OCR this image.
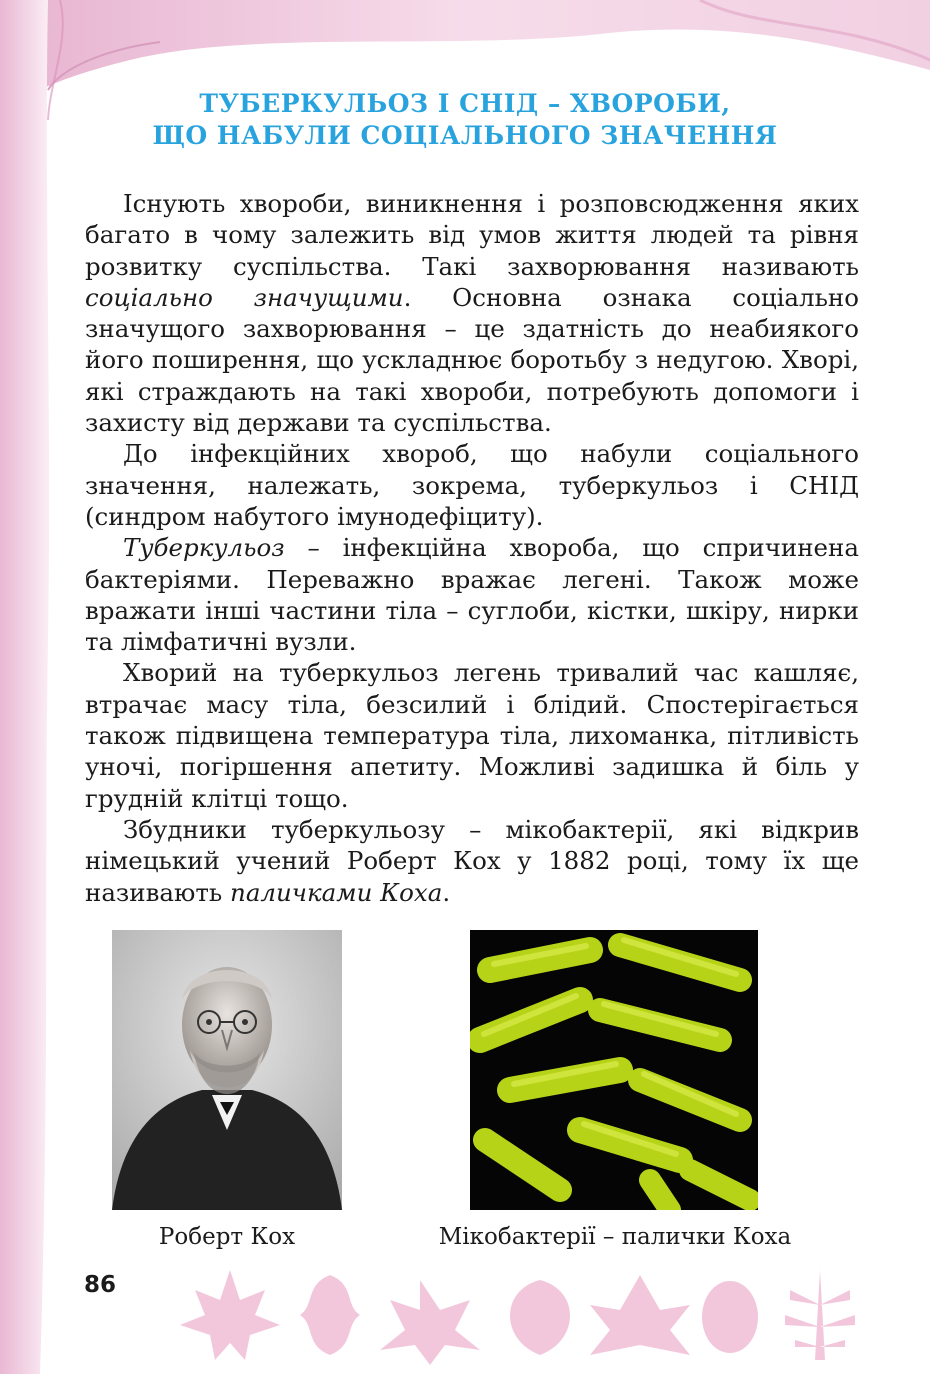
ТУБЕРКУЛЬОЗ І СНІД – ХВОРОБИ,
ЩО НАБУЛИ СОЦІАЛЬНОГО ЗНАЧЕННЯ

Існують хвороби, виникнення і розповсюдження яких багато в чому залежить від умов життя людей та рівня розвитку суспільства. Такі захворювання називають соціально значущими. Основна ознака соціально значущого захворювання – це здатність до неабиякого його поширення, що ускладнює боротьбу з недугою. Хворі, які страждають на такі хвороби, потребують допомоги і захисту від держави та суспільства.

До інфекційних хвороб, що набули соціального значення, належать, зокрема, туберкульоз і СНІД (синдром набутого імунодефіциту).

Туберкульоз – інфекційна хвороба, що спричинена бактеріями. Переважно вражає легені. Також може вражати інші частини тіла – суглоби, кістки, шкіру, нирки та лімфатичні вузли.

Хворий на туберкульоз легень тривалий час кашляє, втрачає масу тіла, безсилий і блідий. Спостерігається також підвищена температура тіла, лихоманка, пітливість уночі, погіршення апетиту. Можливі задишка й біль у грудній клітці тощо.

Збудники туберкульозу – мікобактерії, які відкрив німецький учений Роберт Кох у 1882 році, тому їх ще називають паличками Коха.

Роберт Кох	Мікобактерії – палички Коха
86
